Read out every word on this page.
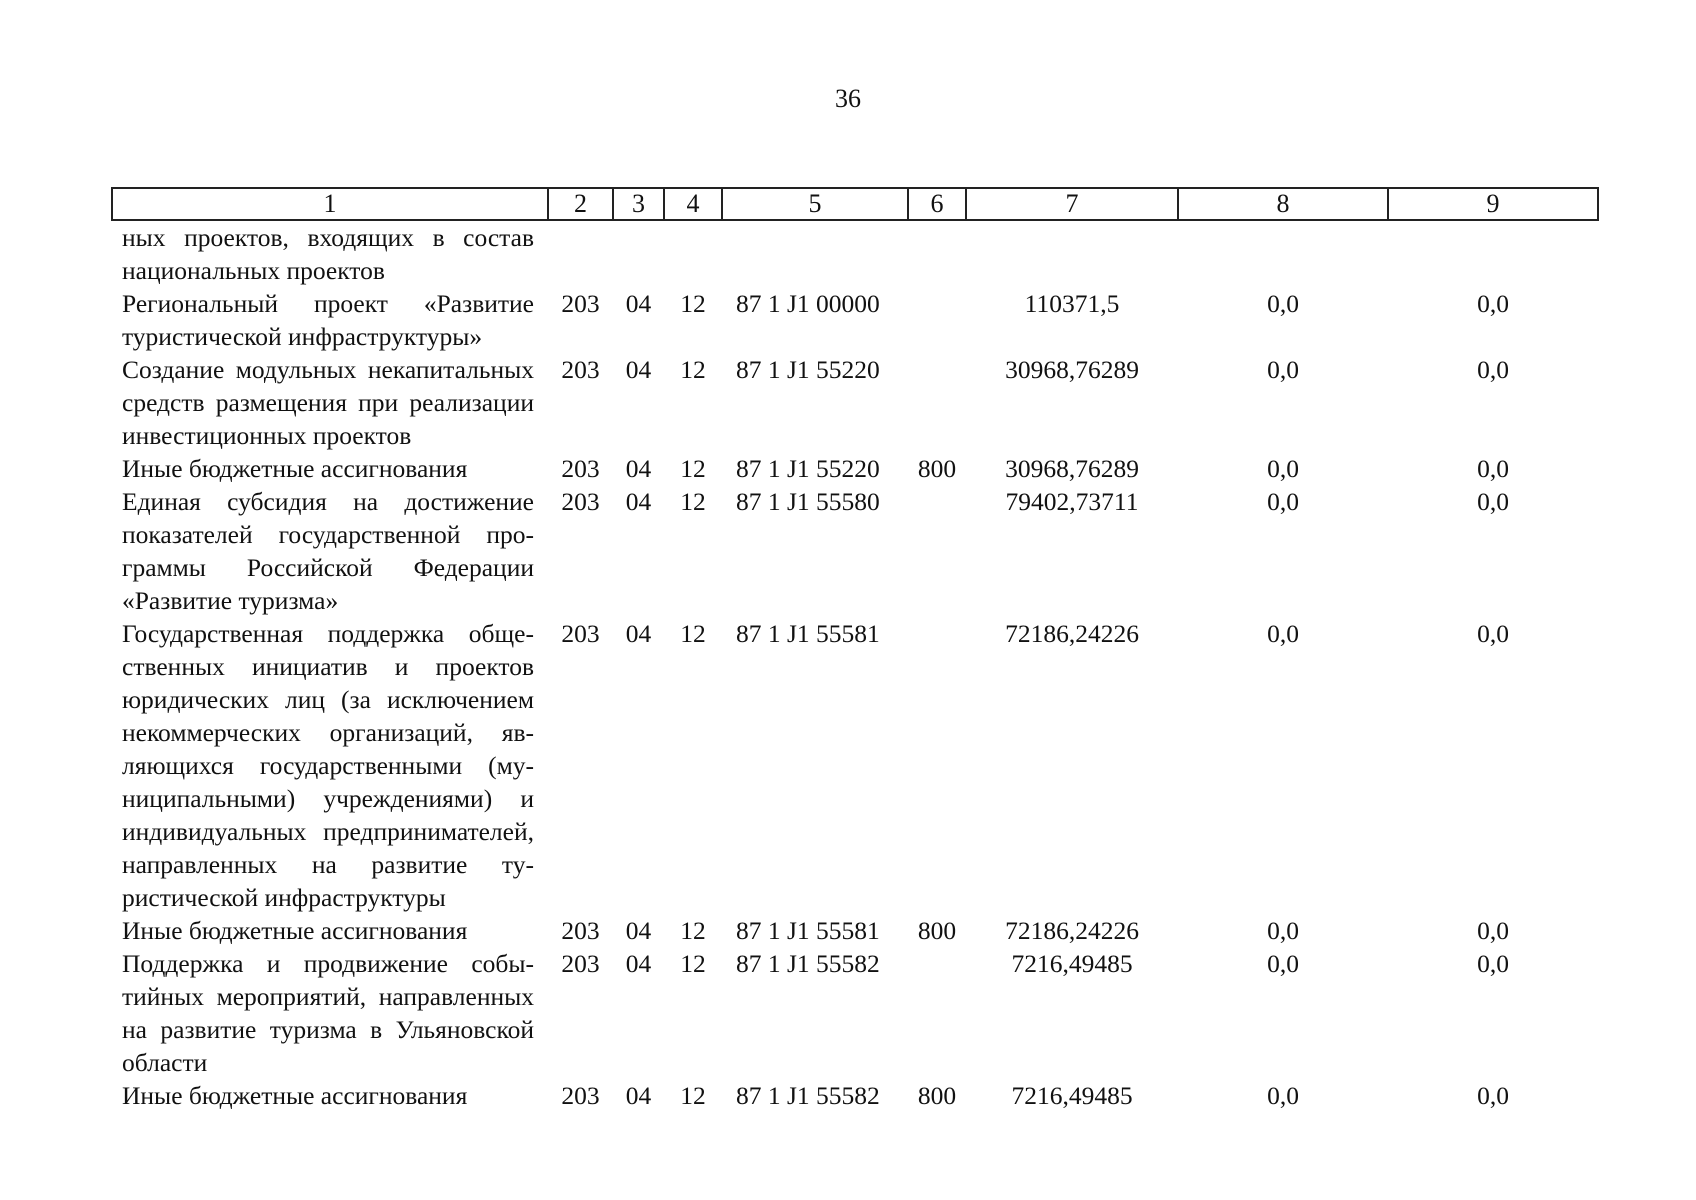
36
1	2	3	4	5	6	7	8	9
ных проектов, входящих в состав национальных проектов								
Региональный проект «Развитие туристической инфраструктуры»	203	04	12	87 1 J1 00000		110371,5	0,0	0,0
Создание модульных некапитальных средств размещения при реализации инвестиционных проектов	203	04	12	87 1 J1 55220		30968,76289	0,0	0,0
Иные бюджетные ассигнования	203	04	12	87 1 J1 55220	800	30968,76289	0,0	0,0
Единая субсидия на достижение показателей государственной программы Российской Федерации «Развитие туризма»	203	04	12	87 1 J1 55580		79402,73711	0,0	0,0
Государственная поддержка общественных инициатив и проектов юридических лиц (за исключением некоммерческих организаций, являющихся государственными (муниципальными) учреждениями) и индивидуальных предпринимателей, направленных на развитие туристической инфраструктуры	203	04	12	87 1 J1 55581		72186,24226	0,0	0,0
Иные бюджетные ассигнования	203	04	12	87 1 J1 55581	800	72186,24226	0,0	0,0
Поддержка и продвижение событийных мероприятий, направленных на развитие туризма в Ульяновской области	203	04	12	87 1 J1 55582		7216,49485	0,0	0,0
Иные бюджетные ассигнования	203	04	12	87 1 J1 55582	800	7216,49485	0,0	0,0
